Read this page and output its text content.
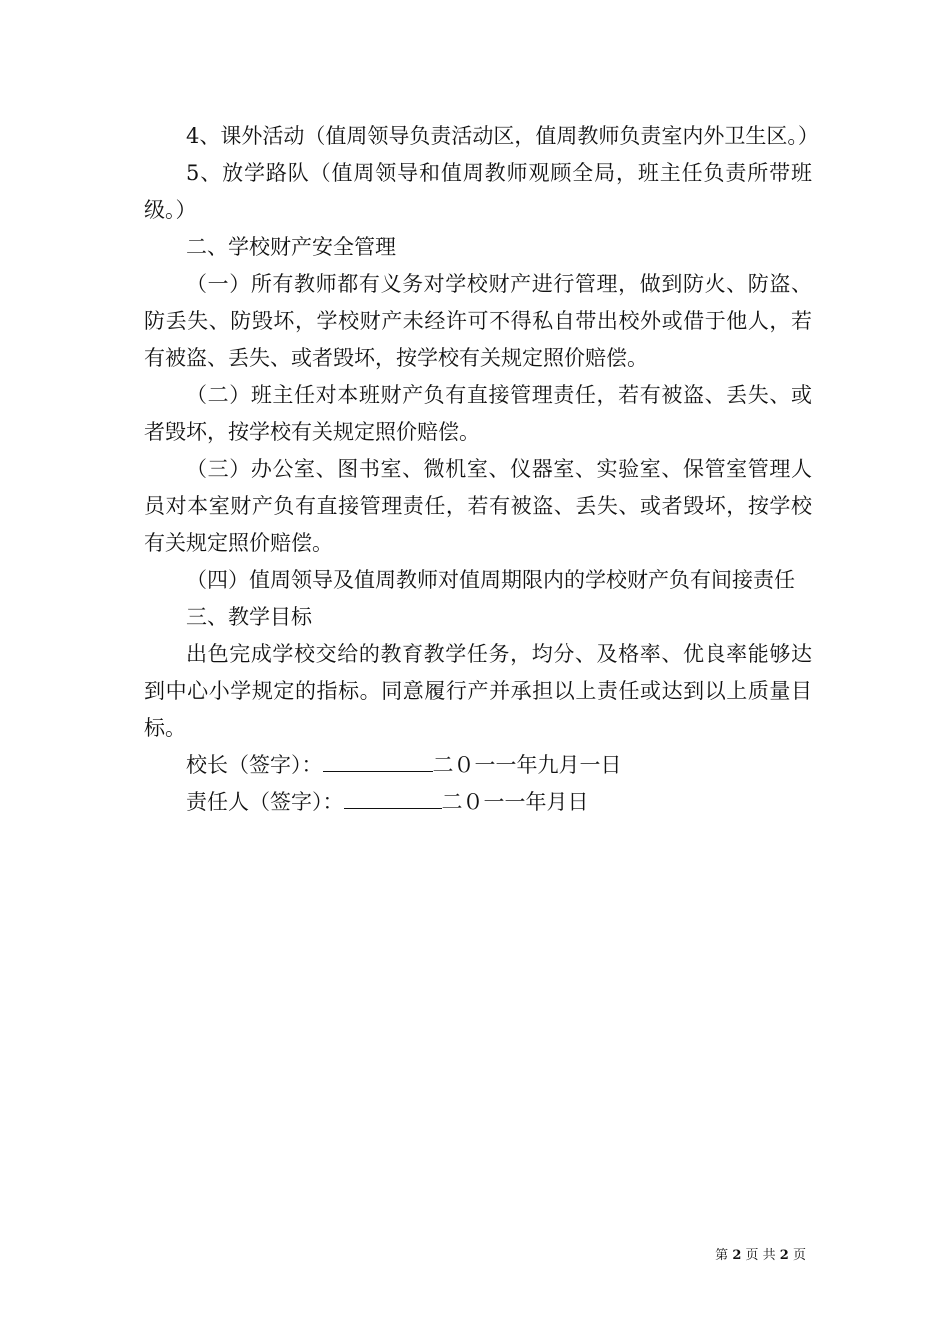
4、课外活动（值周领导负责活动区，值周教师负责室内外卫生区。）

5、放学路队（值周领导和值周教师观顾全局，班主任负责所带班级。）

二、学校财产安全管理

（一）所有教师都有义务对学校财产进行管理，做到防火、防盗、防丢失、防毁坏，学校财产未经许可不得私自带出校外或借于他人，若有被盗、丢失、或者毁坏，按学校有关规定照价赔偿。

（二）班主任对本班财产负有直接管理责任，若有被盗、丢失、或者毁坏，按学校有关规定照价赔偿。

（三）办公室、图书室、微机室、仪器室、实验室、保管室管理人员对本室财产负有直接管理责任，若有被盗、丢失、或者毁坏，按学校有关规定照价赔偿。

（四）值周领导及值周教师对值周期限内的学校财产负有间接责任

三、教学目标

出色完成学校交给的教育教学任务，均分、及格率、优良率能够达到中心小学规定的指标。同意履行产并承担以上责任或达到以上质量目标。

校长（签字）：	二０一一年九月一日

责任人（签字）：	二０一一年月日

第 2 页 共 2 页
